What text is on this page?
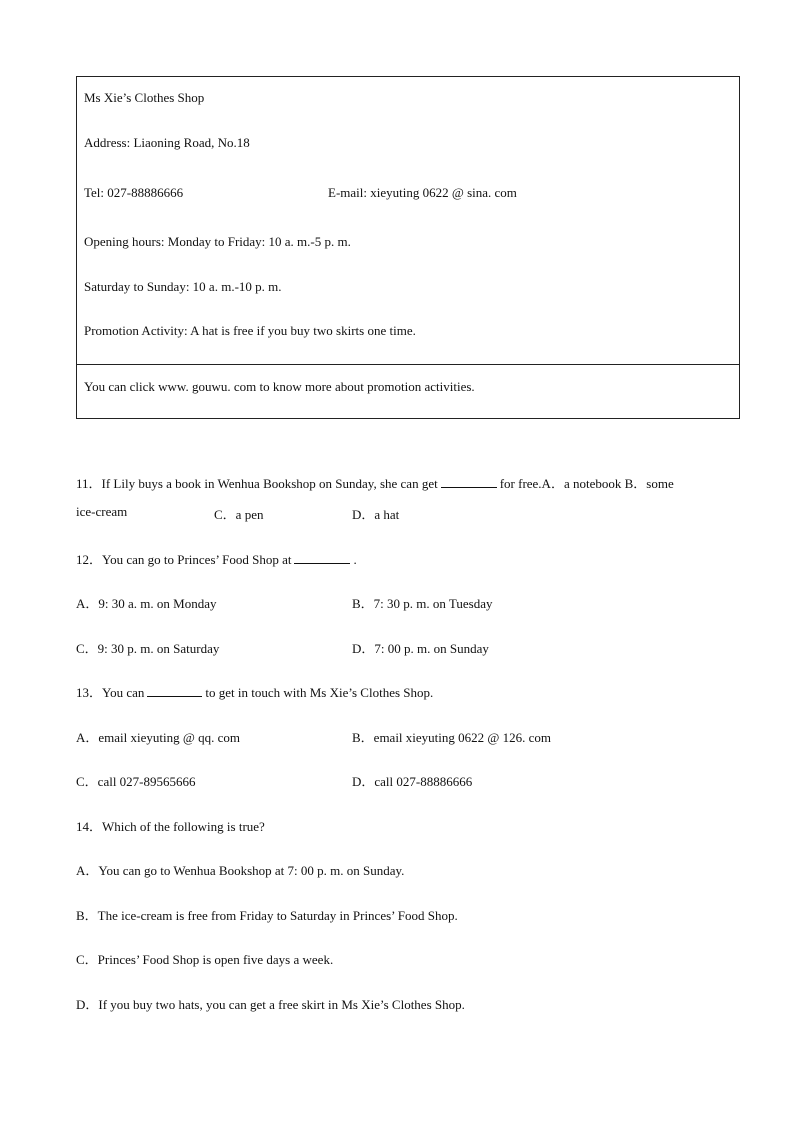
Ms Xie’s Clothes Shop
Address: Liaoning Road, No.18
Tel: 027-88886666	E-mail: xieyuting 0622 @ sina. com
Opening hours: Monday to Friday: 10 a. m.-5 p. m.
Saturday to Sunday: 10 a. m.-10 p. m.
Promotion Activity: A hat is free if you buy two skirts one time.
You can click www. gouwu. com to know more about promotion activities.
11．If Lily buys a book in Wenhua Bookshop on Sunday, she can get	for free.A．a notebook B．some
ice-cream	C．a pen	D．a hat
12．You can go to Princes’ Food Shop at	.
A．9: 30 a. m. on Monday	B．7: 30 p. m. on Tuesday
C．9: 30 p. m. on Saturday	D．7: 00 p. m. on Sunday
13．You can	to get in touch with Ms Xie’s Clothes Shop.
A．email xieyuting @ qq. com	B．email xieyuting 0622 @ 126. com
C．call 027-89565666	D．call 027-88886666
14．Which of the following is true?
A．You can go to Wenhua Bookshop at 7: 00 p. m. on Sunday.
B．The ice-cream is free from Friday to Saturday in Princes’ Food Shop.
C．Princes’ Food Shop is open five days a week.
D．If you buy two hats, you can get a free skirt in Ms Xie’s Clothes Shop.
